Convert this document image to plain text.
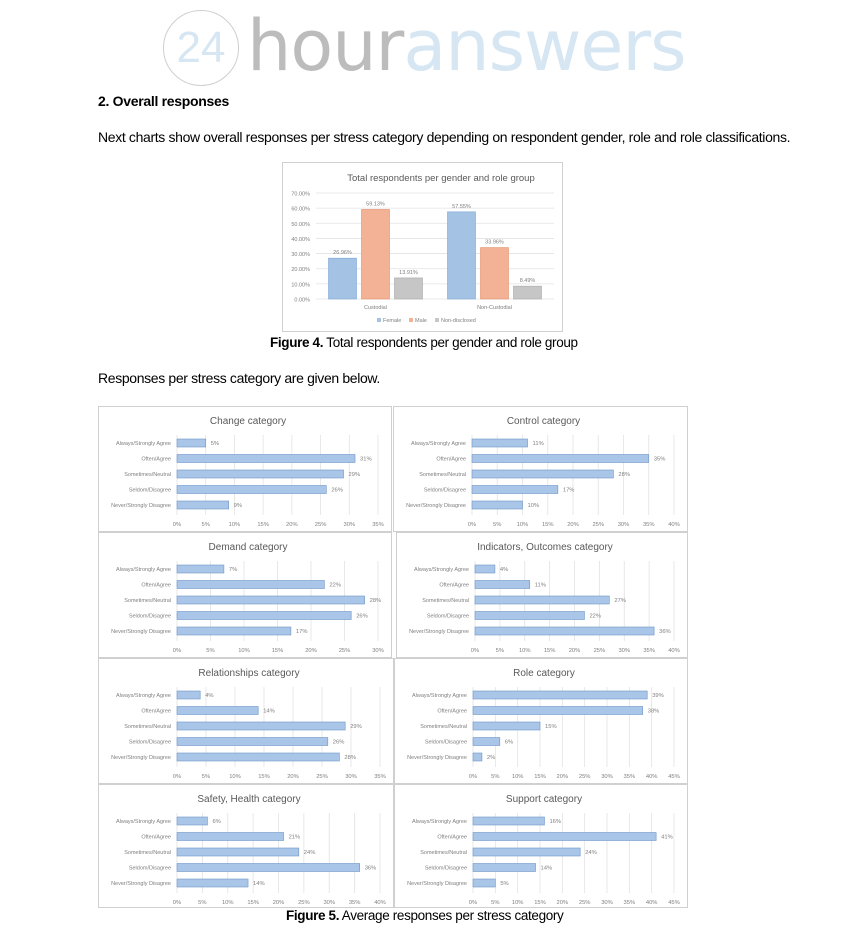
24 houranswers
2. Overall responses
Next charts show overall responses per stress category depending on respondent gender, role and role classifications.
Total respondents per gender and role group
0.00%
10.00%
20.00%
30.00%
40.00%
50.00%
60.00%
70.00%
26.96%
59.13%
13.91%
Custodial
57.55%
33.96%
8.49%
Non-Custodial
Female Male	Non-disclosed
Figure 4. Total respondents per gender and role group
Responses per stress category are given below.
Change category
0%	5%	10%	15%	20%	25%	30%	35%
Always/Strongly Agree	5%
Often/Agree	31%
Sometimes/Neutral	29%
Seldom/Disagree	26%
Never/Strongly Disagree	9%
Control category
0%	5%	10% 15% 20% 25% 30% 35% 40%
Always/Strongly Agree	11%
Often/Agree	35%
Sometimes/Neutral	28%
Seldom/Disagree	17%
Never/Strongly Disagree	10%
Demand category
0%	5%	10%	15%	20%	25%	30%
Always/Strongly Agree	7%
Often/Agree	22%
Sometimes/Neutral	28%
Seldom/Disagree	26%
Never/Strongly Disagree	17%
Indicators, Outcomes category
0%	5%	10% 15% 20% 25% 30% 35% 40%
Always/Strongly Agree	4%
Often/Agree	11%
Sometimes/Neutral	27%
Seldom/Disagree	22%
Never/Strongly Disagree	36%
Relationships category
0%	5%	10%	15%	20%	25%	30%	35%
Always/Strongly Agree	4%
Often/Agree	14%
Sometimes/Neutral	29%
Seldom/Disagree	26%
Never/Strongly Disagree	28%
Role category
0% 5% 10% 15% 20% 25% 30% 35% 40% 45%
Always/Strongly Agree	39%
Often/Agree	38%
Sometimes/Neutral	15%
Seldom/Disagree	6%
Never/Strongly Disagree	2%
Safety, Health category
0%	5%	10% 15% 20% 25% 30% 35% 40%
Always/Strongly Agree	6%
Often/Agree	21%
Sometimes/Neutral	24%
Seldom/Disagree	36%
Never/Strongly Disagree	14%
Support category
0% 5% 10% 15% 20% 25% 30% 35% 40% 45%
Always/Strongly Agree	16%
Often/Agree	41%
Sometimes/Neutral	24%
Seldom/Disagree	14%
Never/Strongly Disagree	5%
Figure 5. Average responses per stress category
